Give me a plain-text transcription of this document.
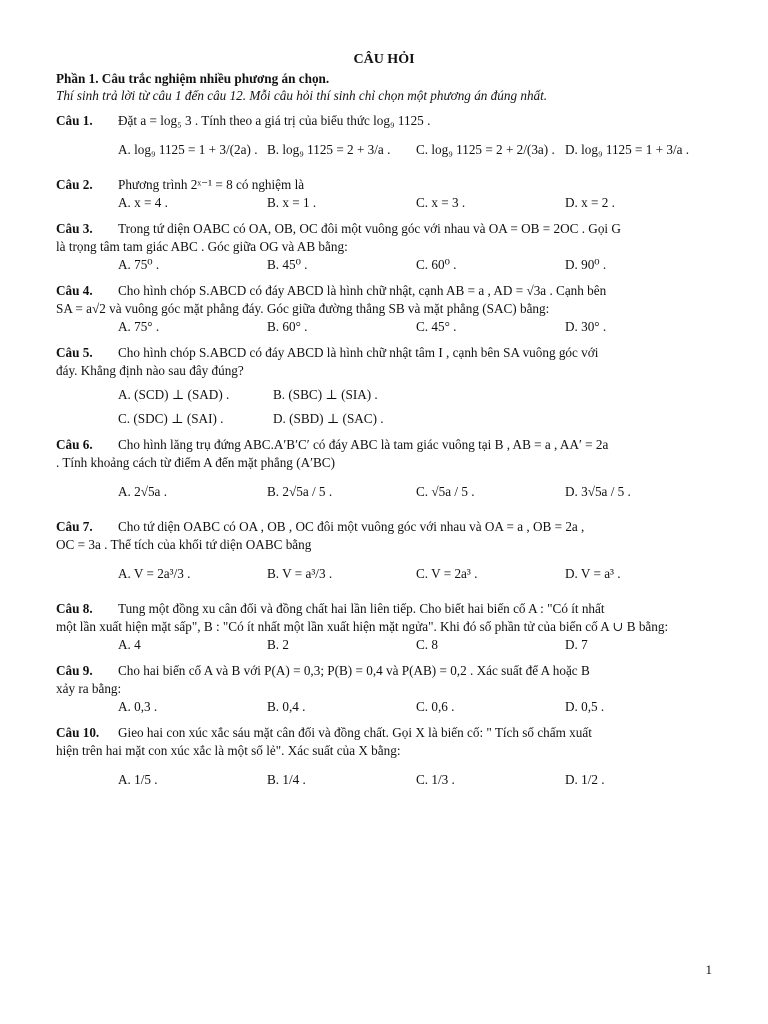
CÂU HỎI
Phần 1. Câu trắc nghiệm nhiều phương án chọn.
Thí sinh trả lời từ câu 1 đến câu 12. Mỗi câu hỏi thí sinh chỉ chọn một phương án đúng nhất.
Câu 1.	Đặt a = log₅ 3 . Tính theo a giá trị của biểu thức log₉ 1125 .
A. log₉ 1125 = 1 + 3/(2a) . B. log₉ 1125 = 2 + 3/a .	C. log₉ 1125 = 2 + 2/(3a) . D. log₉ 1125 = 1 + 3/a .
Câu 2.	Phương trình 2ˣ⁻¹ = 8 có nghiệm là
A. x = 4 .	B. x = 1 .	C. x = 3 .	D. x = 2 .
Câu 3.	Trong tứ diện OABC có OA, OB, OC đôi một vuông góc với nhau và OA = OB = 2OC . Gọi G
là trọng tâm tam giác ABC . Góc giữa OG và AB bằng:
A. 75⁰ .	B. 45⁰ .	C. 60⁰ .	D. 90⁰ .
Câu 4.	Cho hình chóp S.ABCD có đáy ABCD là hình chữ nhật, cạnh AB = a , AD = √3a . Cạnh bên
SA = a√2 và vuông góc mặt phẳng đáy. Góc giữa đường thẳng SB và mặt phẳng (SAC) bằng:
A. 75° .	B. 60° .	C. 45° .	D. 30° .
Câu 5.	Cho hình chóp S.ABCD có đáy ABCD là hình chữ nhật tâm I , cạnh bên SA vuông góc với
đáy. Khẳng định nào sau đây đúng?
A. (SCD) ⊥ (SAD) .	B. (SBC) ⊥ (SIA) .
C. (SDC) ⊥ (SAI) .	D. (SBD) ⊥ (SAC) .
Câu 6.	Cho hình lăng trụ đứng ABC.A′B′C′ có đáy ABC là tam giác vuông tại B , AB = a , AA′ = 2a
. Tính khoảng cách từ điểm A đến mặt phẳng (A′BC)
A. 2√5a .	B. 2√5a / 5 .	C. √5a / 5 .	D. 3√5a / 5 .
Câu 7.	Cho tứ diện OABC có OA , OB , OC đôi một vuông góc với nhau và OA = a , OB = 2a ,
OC = 3a . Thể tích của khối tứ diện OABC bằng
A. V = 2a³/3 .	B. V = a³/3 .	C. V = 2a³ .	D. V = a³ .
Câu 8.	Tung một đồng xu cân đối và đồng chất hai lần liên tiếp. Cho biết hai biến cố A : "Có ít nhất
một lần xuất hiện mặt sấp", B : "Có ít nhất một lần xuất hiện mặt ngửa". Khi đó số phần tử của biến cố A ∪ B bằng:
A. 4	B. 2	C. 8	D. 7
Câu 9.	Cho hai biến cố A và B với P(A) = 0,3; P(B) = 0,4 và P(AB) = 0,2 . Xác suất để A hoặc B
xảy ra bằng:
A. 0,3 .	B. 0,4 .	C. 0,6 .	D. 0,5 .
Câu 10.	Gieo hai con xúc xắc sáu mặt cân đối và đồng chất. Gọi X là biến cố: " Tích số chấm xuất
hiện trên hai mặt con xúc xắc là một số lẻ". Xác suất của X bằng:
A. 1/5 .	B. 1/4 .	C. 1/3 .	D. 1/2 .
1
